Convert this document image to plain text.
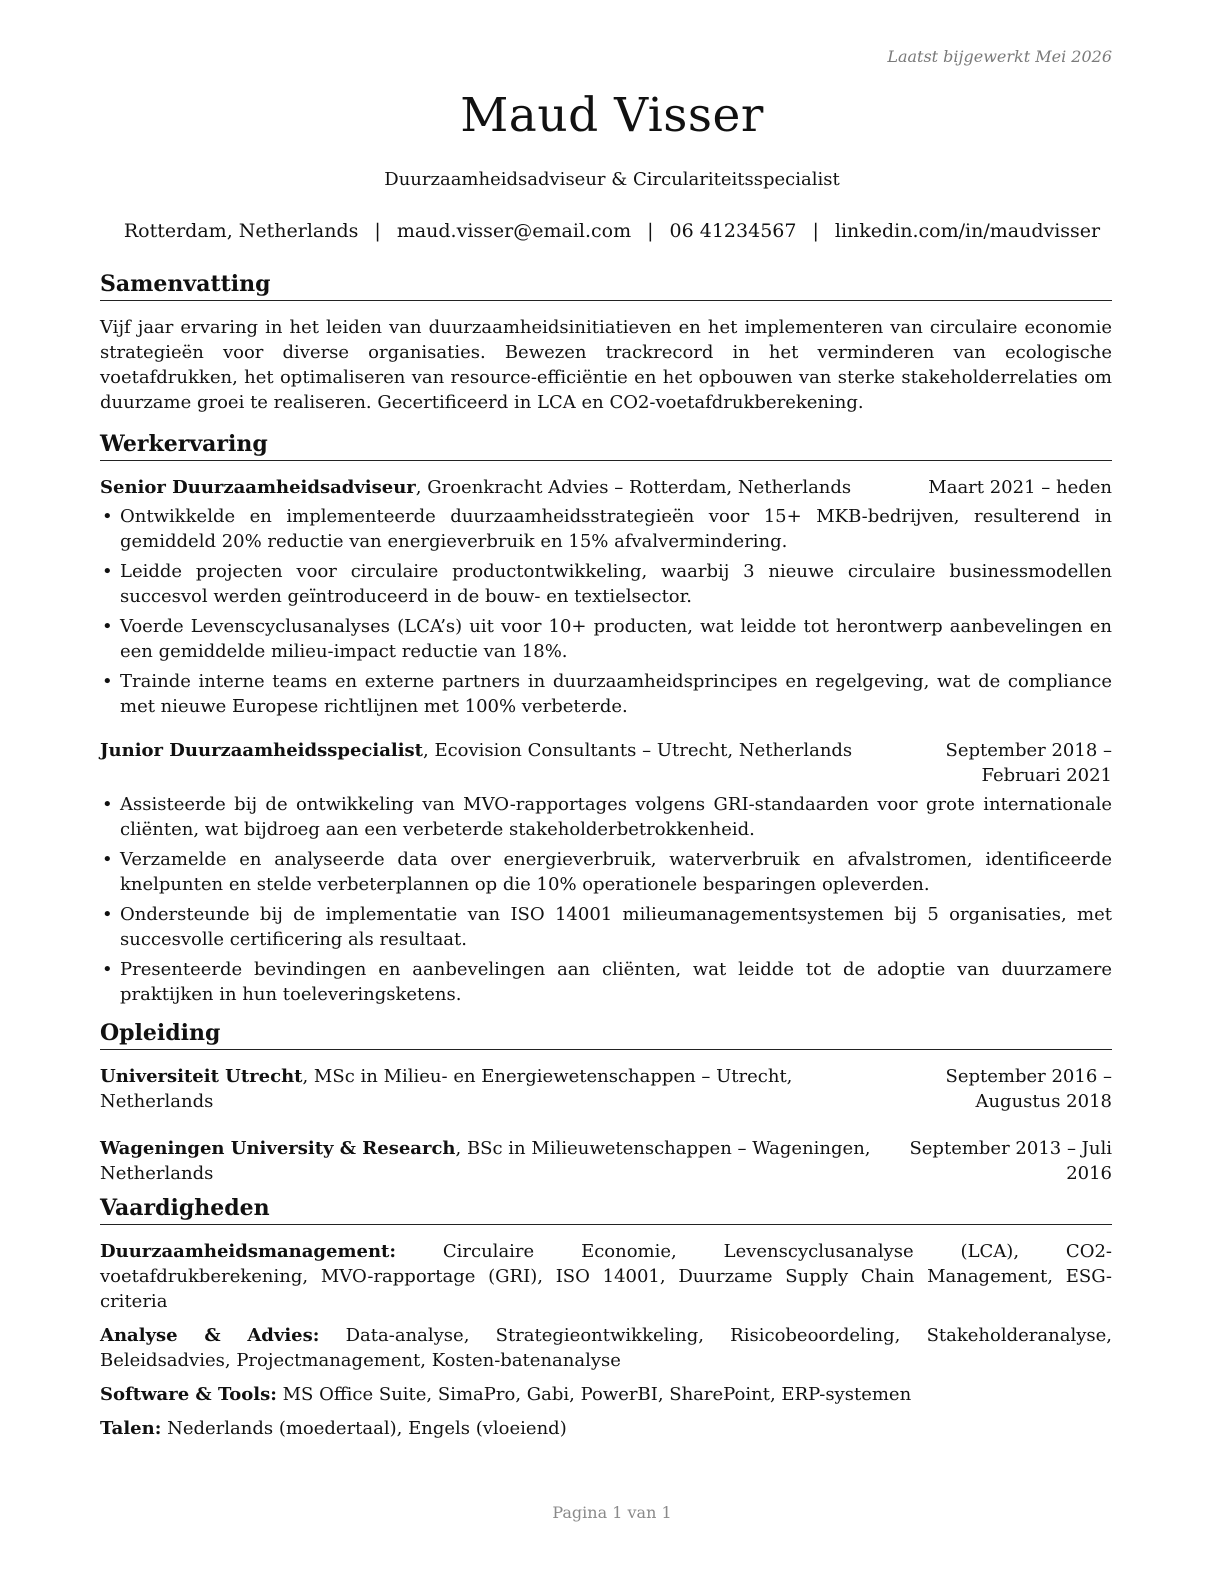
Laatst bijgewerkt Mei 2026
Maud Visser
Duurzaamheidsadviseur & Circulariteitsspecialist
Rotterdam, Netherlands | maud.visser@email.com | 06 41234567 | linkedin.com/in/maudvisser
Samenvatting

Vijf jaar ervaring in het leiden van duurzaamheidsinitiatieven en het implementeren van circulaire economie strategieën voor diverse organisaties. Bewezen trackrecord in het verminderen van ecologische voetafdrukken, het optimaliseren van resource-efficiëntie en het opbouwen van sterke stakeholderrelaties om duurzame groei te realiseren. Gecertificeerd in LCA en CO2-voetafdrukberekening.

Werkervaring
Senior Duurzaamheidsadviseur, Groenkracht Advies – Rotterdam, Netherlands	Maart 2021 – heden
• Ontwikkelde en implementeerde duurzaamheidsstrategieën voor 15+ MKB-bedrijven, resulterend in gemiddeld 20% reductie van energieverbruik en 15% afvalvermindering.
• Leidde projecten voor circulaire productontwikkeling, waarbij 3 nieuwe circulaire businessmodellen succesvol werden geïntroduceerd in de bouw- en textielsector.
• Voerde Levenscyclusanalyses (LCA’s) uit voor 10+ producten, wat leidde tot herontwerp aanbevelingen en een gemiddelde milieu-impact reductie van 18%.
• Trainde interne teams en externe partners in duurzaamheidsprincipes en regelgeving, wat de compliance met nieuwe Europese richtlijnen met 100% verbeterde.
Junior Duurzaamheidsspecialist, Ecovision Consultants – Utrecht, Netherlands	September 2018 – Februari 2021
• Assisteerde bij de ontwikkeling van MVO-rapportages volgens GRI-standaarden voor grote internationale cliënten, wat bijdroeg aan een verbeterde stakeholderbetrokkenheid.
• Verzamelde en analyseerde data over energieverbruik, waterverbruik en afvalstromen, identificeerde knelpunten en stelde verbeterplannen op die 10% operationele besparingen opleverden.
• Ondersteunde bij de implementatie van ISO 14001 milieumanagementsystemen bij 5 organisaties, met succesvolle certificering als resultaat.
• Presenteerde bevindingen en aanbevelingen aan cliënten, wat leidde tot de adoptie van duurzamere praktijken in hun toeleveringsketens.
Opleiding
Universiteit Utrecht, MSc in Milieu- en Energiewetenschappen – Utrecht, Netherlands
September 2016 – Augustus 2018
Wageningen University & Research, BSc in Milieuwetenschappen – Wageningen, Netherlands
September 2013 – Juli 2016
Vaardigheden
Duurzaamheidsmanagement: Circulaire Economie, Levenscyclusanalyse (LCA), CO2-voetafdrukberekening, MVO-rapportage (GRI), ISO 14001, Duurzame Supply Chain Management, ESG-criteria
Analyse & Advies: Data-analyse, Strategieontwikkeling, Risicobeoordeling, Stakeholderanalyse, Beleidsadvies, Projectmanagement, Kosten-batenanalyse
Software & Tools: MS Office Suite, SimaPro, Gabi, PowerBI, SharePoint, ERP-systemen
Talen: Nederlands (moedertaal), Engels (vloeiend)
Pagina 1 van 1
